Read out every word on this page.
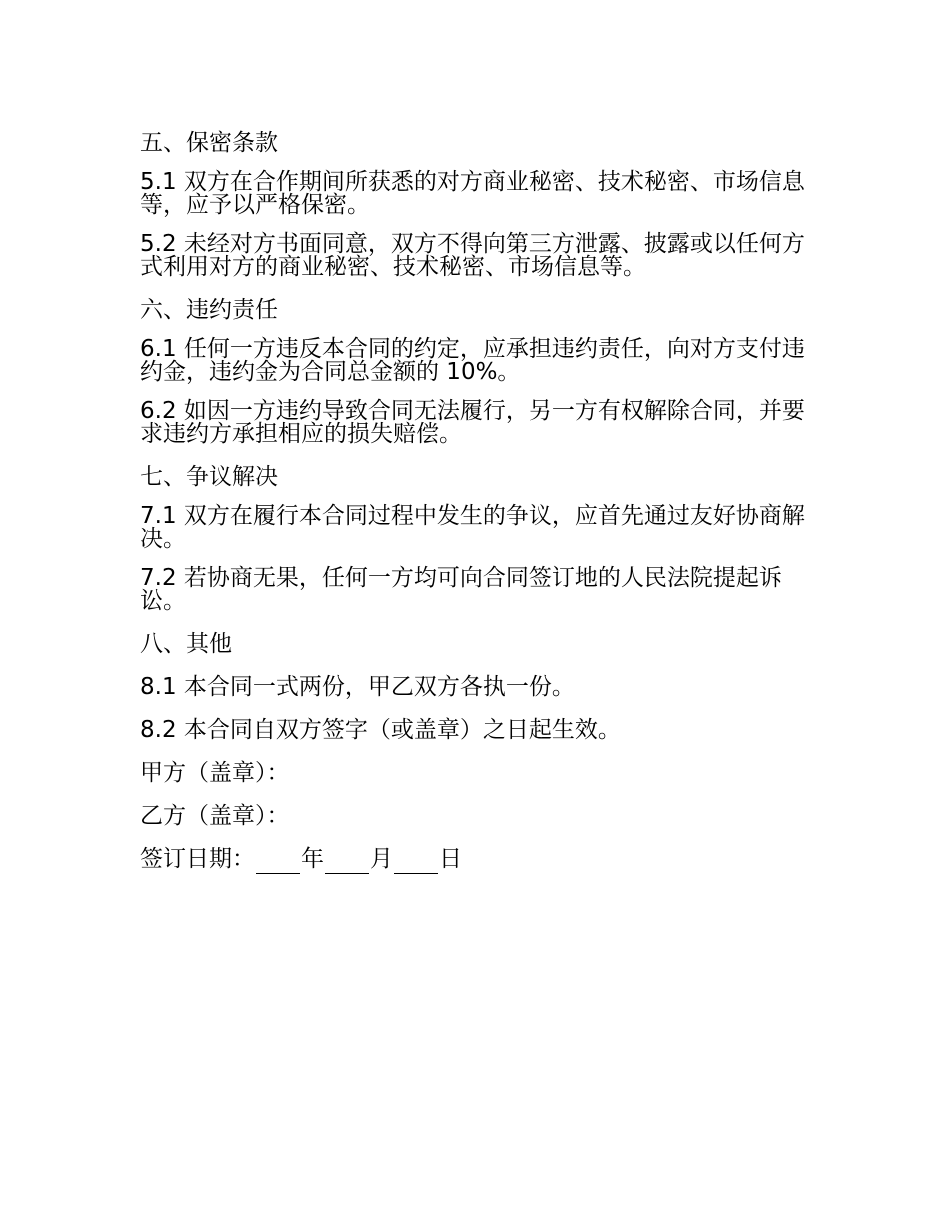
五、保密条款

5.1 双方在合作期间所获悉的对方商业秘密、技术秘密、市场信息等，应予以严格保密。

5.2 未经对方书面同意，双方不得向第三方泄露、披露或以任何方式利用对方的商业秘密、技术秘密、市场信息等。

六、违约责任

6.1 任何一方违反本合同的约定，应承担违约责任，向对方支付违约金，违约金为合同总金额的 10%。

6.2 如因一方违约导致合同无法履行，另一方有权解除合同，并要求违约方承担相应的损失赔偿。

七、争议解决

7.1 双方在履行本合同过程中发生的争议，应首先通过友好协商解决。

7.2 若协商无果，任何一方均可向合同签订地的人民法院提起诉讼。

八、其他

8.1 本合同一式两份，甲乙双方各执一份。

8.2 本合同自双方签字（或盖章）之日起生效。

甲方（盖章）：

乙方（盖章）：

签订日期： 年 月 日
